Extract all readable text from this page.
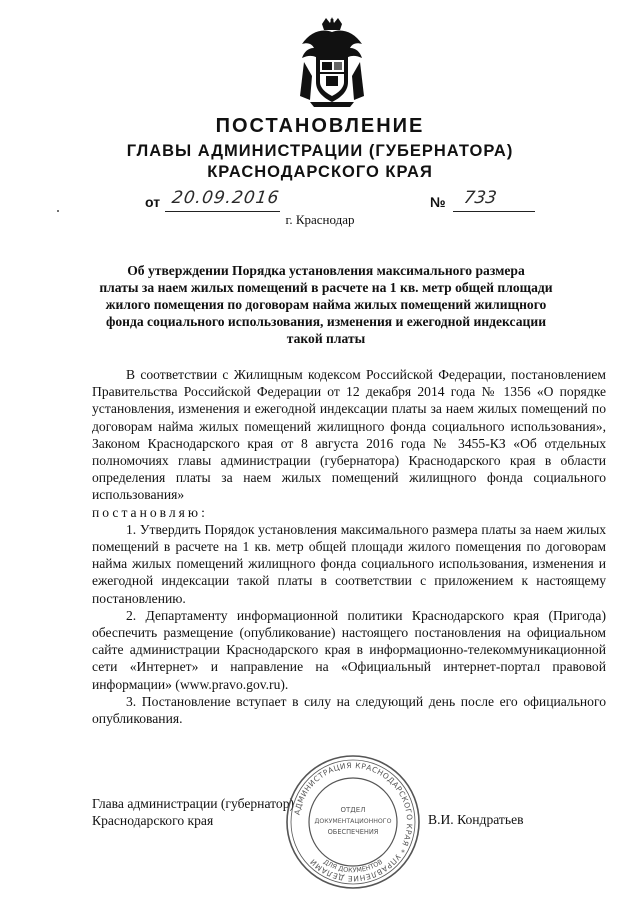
ПОСТАНОВЛЕНИЕ
ГЛАВЫ АДМИНИСТРАЦИИ (ГУБЕРНАТОРА)
КРАСНОДАРСКОГО КРАЯ
от 20.09.2016	№ 733
г. Краснодар
Об утверждении Порядка установления максимального размера
платы за наем жилых помещений в расчете на 1 кв. метр общей площади
жилого помещения по договорам найма жилых помещений жилищного
фонда социального использования, изменения и ежегодной индексации
такой платы

В соответствии с Жилищным кодексом Российской Федерации, постановлением Правительства Российской Федерации от 12 декабря 2014 года № 1356 «О порядке установления, изменения и ежегодной индексации платы за наем жилых помещений по договорам найма жилых помещений жилищного фонда социального использования», Законом Краснодарского края от 8 августа 2016 года № 3455-КЗ «Об отдельных полномочиях главы администрации (губернатора) Краснодарского края в области определения платы за наем жилых помещений жилищного фонда социального использования»

постановляю:

1. Утвердить Порядок установления максимального размера платы за наем жилых помещений в расчете на 1 кв. метр общей площади жилого помещения по договорам найма жилых помещений жилищного фонда социального использования, изменения и ежегодной индексации такой платы в соответствии с приложением к настоящему постановлению.

2. Департаменту информационной политики Краснодарского края (Пригода) обеспечить размещение (опубликование) настоящего постановления на официальном сайте администрации Краснодарского края в информационно-телекоммуникационной сети «Интернет» и направление на «Официальный интернет-портал правовой информации» (www.pravo.gov.ru).

3. Постановление вступает в силу на следующий день после его официального опубликования.

Глава администрации (губернатор)
Краснодарского края	В.И. Кондратьев
АДМИНИСТРАЦИЯ КРАСНОДАРСКОГО КРАЯ * УПРАВЛЕНИЕ ДЕЛАМИ ДЛЯ ДОКУМЕНТОВ
ОТДЕЛ
ДОКУМЕНТАЦИОННОГО
ОБЕСПЕЧЕНИЯ
